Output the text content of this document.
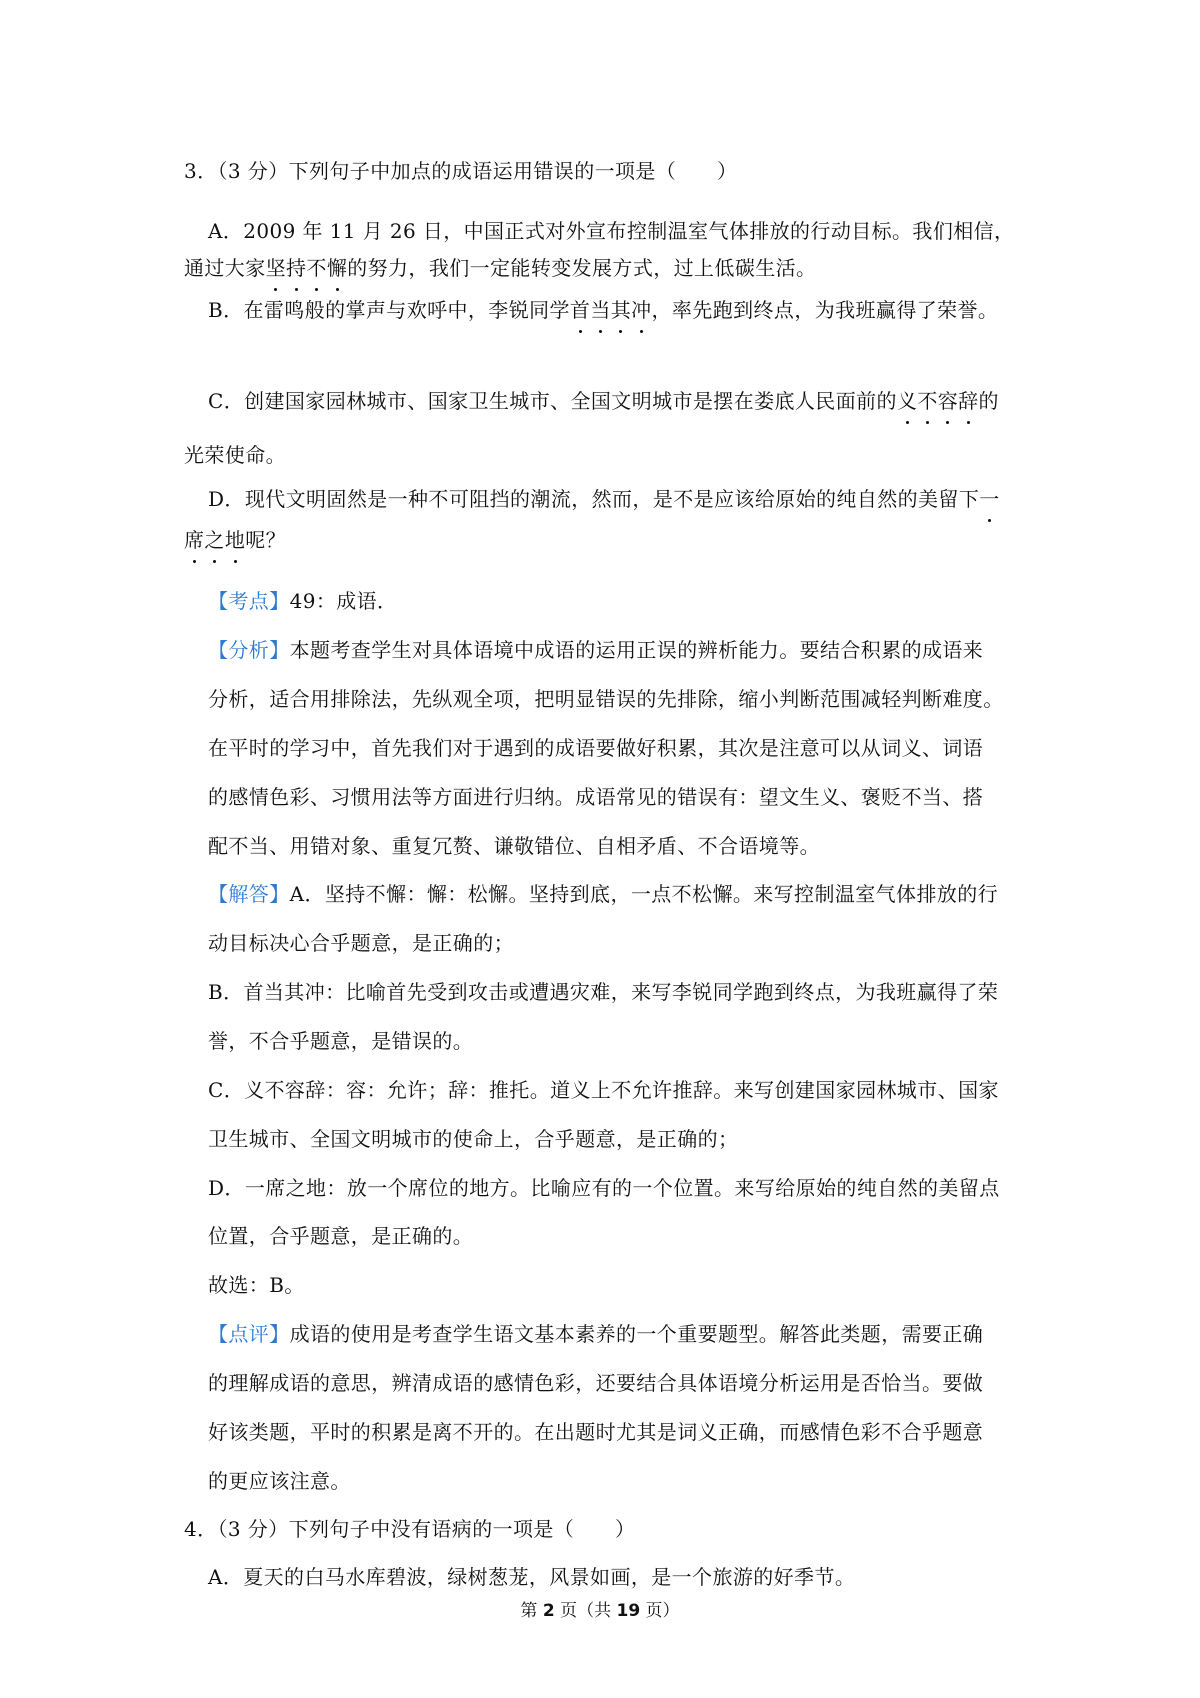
3．（3 分）下列句子中加点的成语运用错误的一项是（　　）
A．2009 年 11 月 26 日，中国正式对外宣布控制温室气体排放的行动目标。我们相信，
通过大家坚持不懈的努力，我们一定能转变发展方式，过上低碳生活。
B．在雷鸣般的掌声与欢呼中，李锐同学首当其冲，率先跑到终点，为我班赢得了荣誉。
C．创建国家园林城市、国家卫生城市、全国文明城市是摆在娄底人民面前的义不容辞的
光荣使命。
D．现代文明固然是一种不可阻挡的潮流，然而，是不是应该给原始的纯自然的美留下一
席之地呢？
【考点】49：成语．
【分析】本题考查学生对具体语境中成语的运用正误的辨析能力。要结合积累的成语来
分析，适合用排除法，先纵观全项，把明显错误的先排除，缩小判断范围减轻判断难度。
在平时的学习中，首先我们对于遇到的成语要做好积累，其次是注意可以从词义、词语
的感情色彩、习惯用法等方面进行归纳。成语常见的错误有：望文生义、褒贬不当、搭
配不当、用错对象、重复冗赘、谦敬错位、自相矛盾、不合语境等。
【解答】A．坚持不懈：懈：松懈。坚持到底，一点不松懈。来写控制温室气体排放的行
动目标决心合乎题意，是正确的；
B．首当其冲：比喻首先受到攻击或遭遇灾难，来写李锐同学跑到终点，为我班赢得了荣
誉，不合乎题意，是错误的。
C．义不容辞：容：允许；辞：推托。道义上不允许推辞。来写创建国家园林城市、国家
卫生城市、全国文明城市的使命上，合乎题意，是正确的；
D．一席之地：放一个席位的地方。比喻应有的一个位置。来写给原始的纯自然的美留点
位置，合乎题意，是正确的。
故选：B。
【点评】成语的使用是考查学生语文基本素养的一个重要题型。解答此类题，需要正确
的理解成语的意思，辨清成语的感情色彩，还要结合具体语境分析运用是否恰当。要做
好该类题，平时的积累是离不开的。在出题时尤其是词义正确，而感情色彩不合乎题意
的更应该注意。
4．（3 分）下列句子中没有语病的一项是（　　）
A．夏天的白马水库碧波，绿树葱茏，风景如画，是一个旅游的好季节。
第 2 页（共 19 页）
